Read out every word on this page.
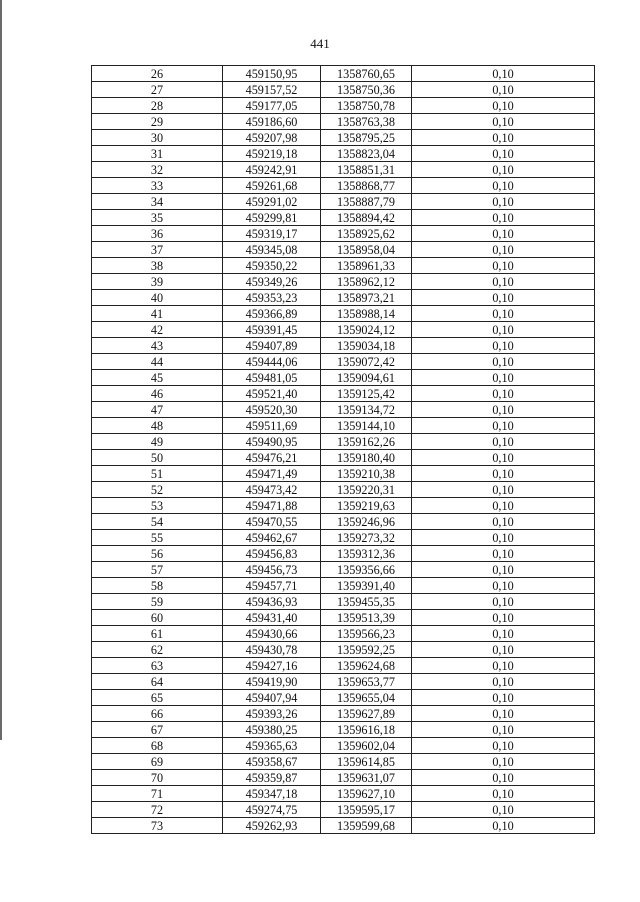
441
26	459150,95	1358760,65	0,10
27	459157,52	1358750,36	0,10
28	459177,05	1358750,78	0,10
29	459186,60	1358763,38	0,10
30	459207,98	1358795,25	0,10
31	459219,18	1358823,04	0,10
32	459242,91	1358851,31	0,10
33	459261,68	1358868,77	0,10
34	459291,02	1358887,79	0,10
35	459299,81	1358894,42	0,10
36	459319,17	1358925,62	0,10
37	459345,08	1358958,04	0,10
38	459350,22	1358961,33	0,10
39	459349,26	1358962,12	0,10
40	459353,23	1358973,21	0,10
41	459366,89	1358988,14	0,10
42	459391,45	1359024,12	0,10
43	459407,89	1359034,18	0,10
44	459444,06	1359072,42	0,10
45	459481,05	1359094,61	0,10
46	459521,40	1359125,42	0,10
47	459520,30	1359134,72	0,10
48	459511,69	1359144,10	0,10
49	459490,95	1359162,26	0,10
50	459476,21	1359180,40	0,10
51	459471,49	1359210,38	0,10
52	459473,42	1359220,31	0,10
53	459471,88	1359219,63	0,10
54	459470,55	1359246,96	0,10
55	459462,67	1359273,32	0,10
56	459456,83	1359312,36	0,10
57	459456,73	1359356,66	0,10
58	459457,71	1359391,40	0,10
59	459436,93	1359455,35	0,10
60	459431,40	1359513,39	0,10
61	459430,66	1359566,23	0,10
62	459430,78	1359592,25	0,10
63	459427,16	1359624,68	0,10
64	459419,90	1359653,77	0,10
65	459407,94	1359655,04	0,10
66	459393,26	1359627,89	0,10
67	459380,25	1359616,18	0,10
68	459365,63	1359602,04	0,10
69	459358,67	1359614,85	0,10
70	459359,87	1359631,07	0,10
71	459347,18	1359627,10	0,10
72	459274,75	1359595,17	0,10
73	459262,93	1359599,68	0,10
